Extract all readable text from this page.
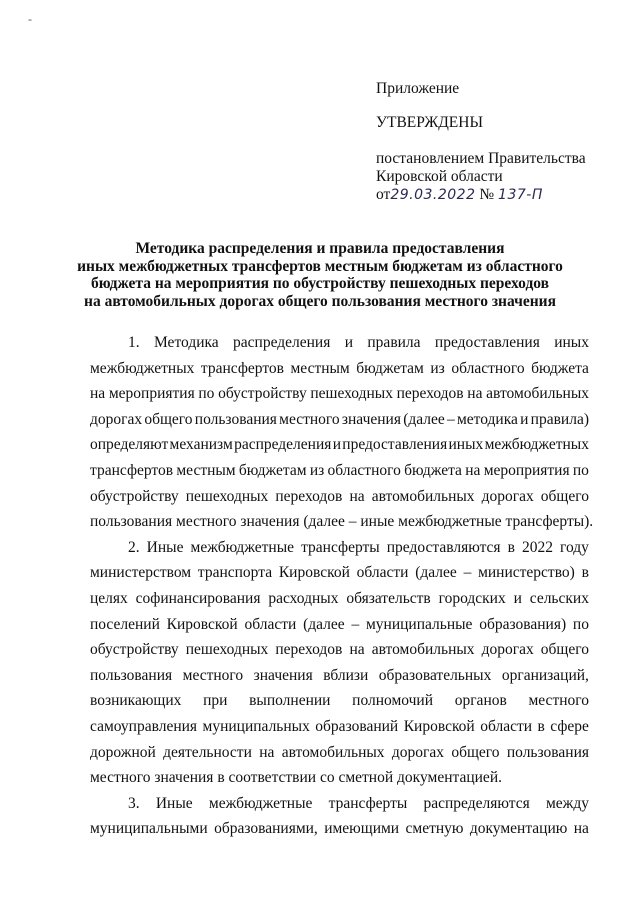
-
Приложение
УТВЕРЖДЕНЫ
постановлением Правительства
Кировской области
от29.03.2022 № 137-П
Методика распределения и правила предоставления
иных межбюджетных трансфертов местным бюджетам из областного
бюджета на мероприятия по обустройству пешеходных переходов
на автомобильных дорогах общего пользования местного значения
1. Методика распределения и правила предоставления иных
межбюджетных трансфертов местным бюджетам из областного бюджета
на мероприятия по обустройству пешеходных переходов на автомобильных
дорогах общего пользования местного значения (далее – методика и правила)
определяют механизм распределения и предоставления иных межбюджетных
трансфертов местным бюджетам из областного бюджета на мероприятия по
обустройству пешеходных переходов на автомобильных дорогах общего
пользования местного значения (далее – иные межбюджетные трансферты).
2. Иные межбюджетные трансферты предоставляются в 2022 году
министерством транспорта Кировской области (далее – министерство) в
целях софинансирования расходных обязательств городских и сельских
поселений Кировской области (далее – муниципальные образования) по
обустройству пешеходных переходов на автомобильных дорогах общего
пользования местного значения вблизи образовательных организаций,
возникающих при выполнении полномочий органов местного
самоуправления муниципальных образований Кировской области в сфере
дорожной деятельности на автомобильных дорогах общего пользования
местного значения в соответствии со сметной документацией.
3. Иные межбюджетные трансферты распределяются между
муниципальными образованиями, имеющими сметную документацию на
